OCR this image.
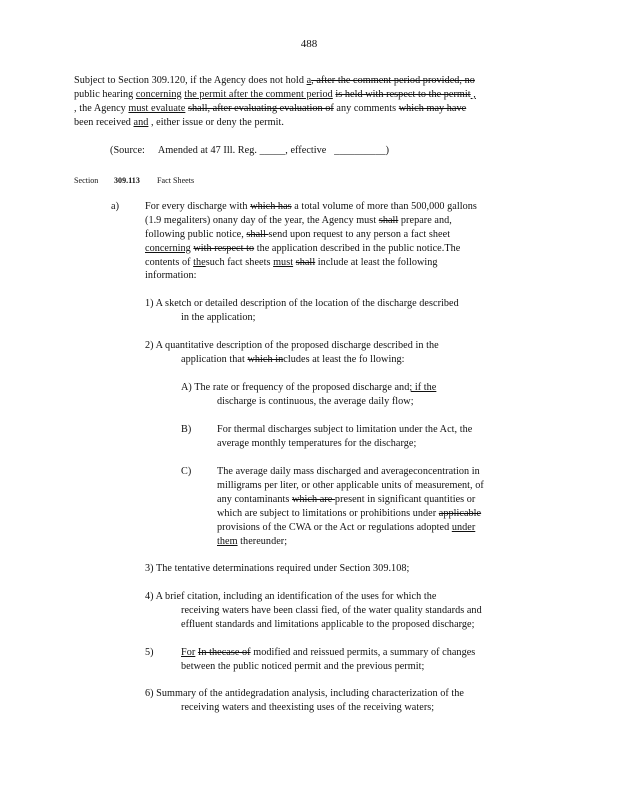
488
Subject to Section 309.120, if the Agency does not hold a, after the comment period provided, no
public hearing concerning the permit after the comment period is held with respect to the permit ,
, the Agency must evaluate shall, after evaluating evaluation of any comments which may have
been received and , either issue or deny the permit.
(Source: Amended at 47 Ill. Reg. _____, effective __________)
Section 309.113 Fact Sheets
a)	For every discharge with which has a total volume of more than 500,000 gallons
(1.9 megaliters) onany day of the year, the Agency must shall prepare and,
following public notice, shall send upon request to any person a fact sheet
concerning with respect to the application described in the public notice.The
contents of thesuch fact sheets must shall include at least the following
information:
1) A sketch or detailed description of the location of the discharge described
in the application;
2) A quantitative description of the proposed discharge described in the
application that which includes at least the fo llowing:
A) The rate or frequency of the proposed discharge and; if the
discharge is continuous, the average daily flow;
B)	For thermal discharges subject to limitation under the Act, the
average monthly temperatures for the discharge;
C)	The average daily mass discharged and averageconcentration in
milligrams per liter, or other applicable units of measurement, of
any contaminants which are present in significant quantities or
which are subject to limitations or prohibitions under applicable
provisions of the CWA or the Act or regulations adopted under
them thereunder;
3) The tentative determinations required under Section 309.108;
4) A brief citation, including an identification of the uses for which the
receiving waters have been classi fied, of the water quality standards and
effluent standards and limitations applicable to the proposed discharge;
5)	For In thecase of modified and reissued permits, a summary of changes
between the public noticed permit and the previous permit;
6) Summary of the antidegradation analysis, including characterization of the
receiving waters and theexisting uses of the receiving waters;
